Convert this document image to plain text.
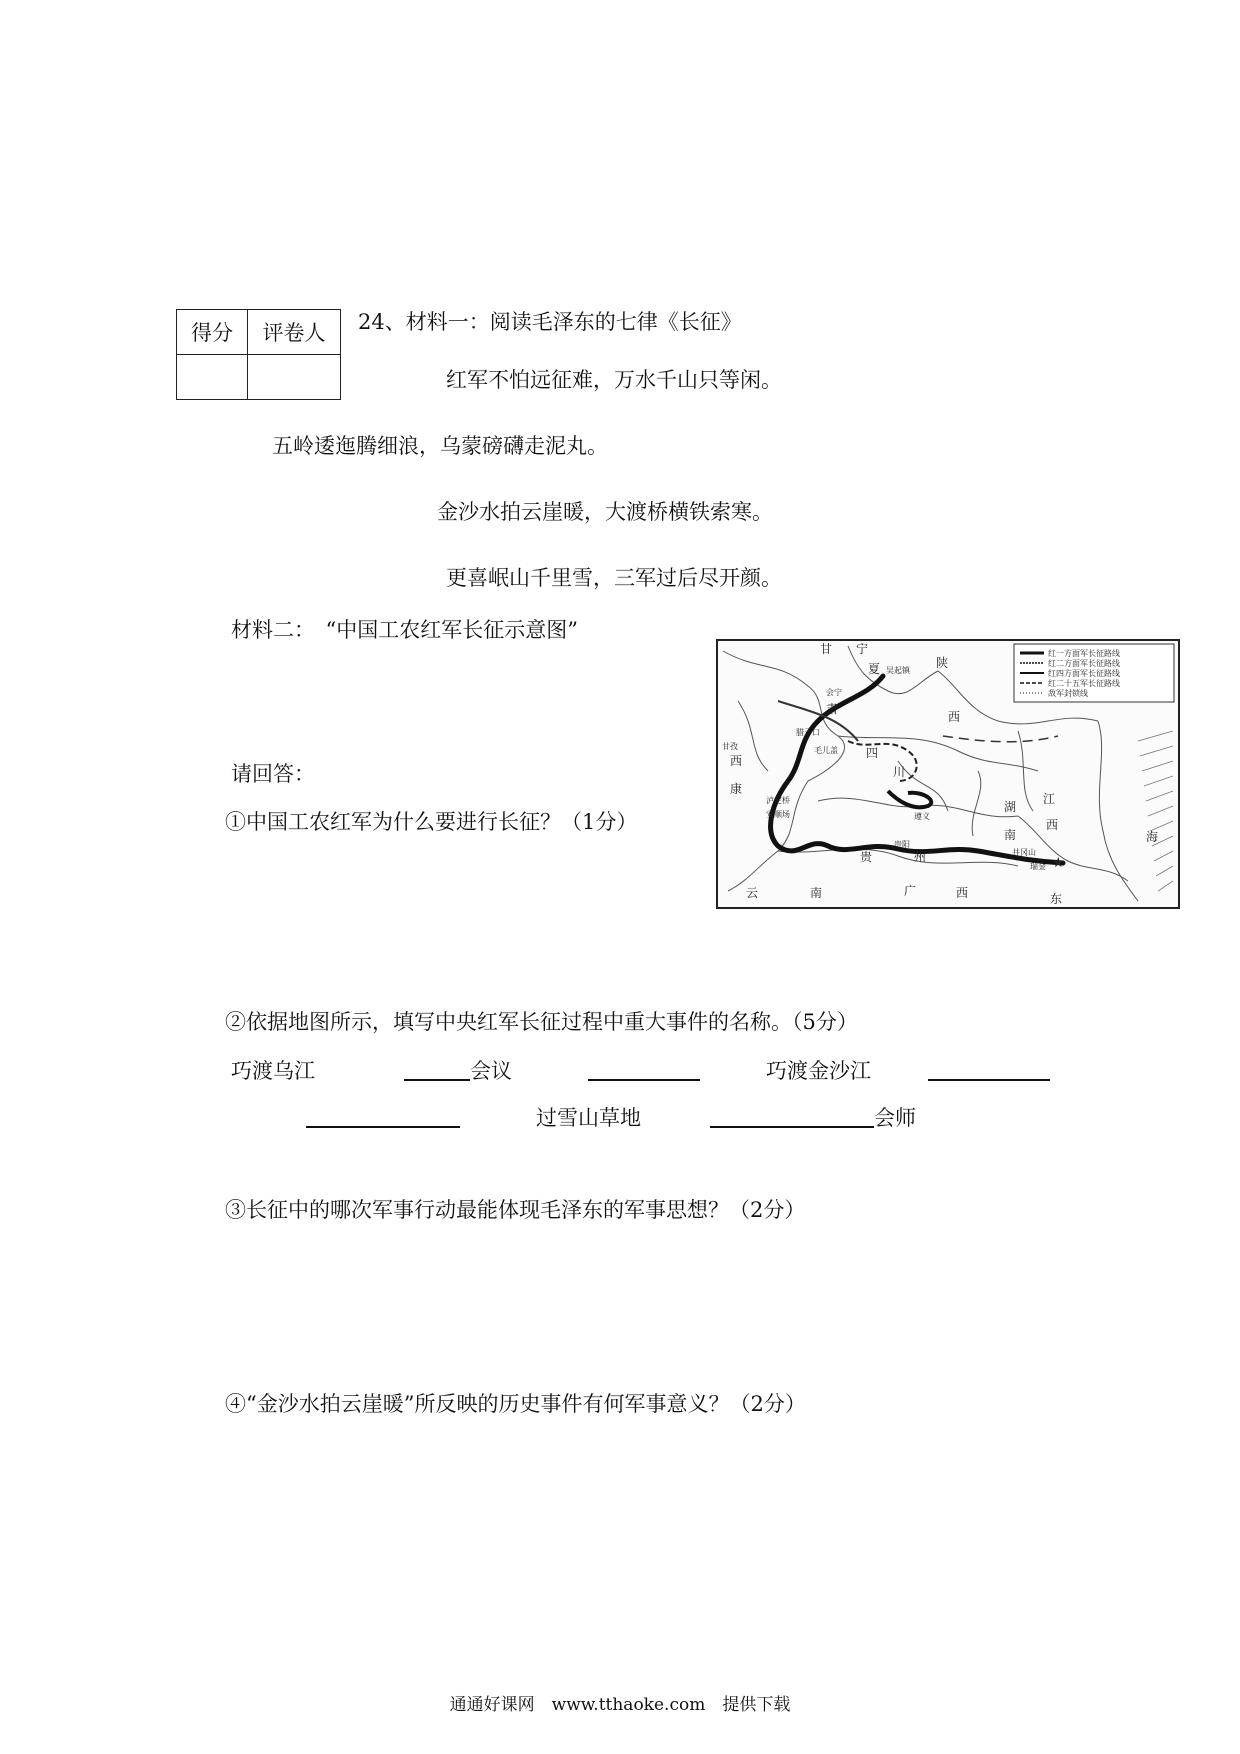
得分	评卷人
	24、材料一：阅读毛泽东的七律《长征》
红军不怕远征难，万水千山只等闲。
五岭逶迤腾细浪，乌蒙磅礴走泥丸。
金沙水拍云崖暖，大渡桥横铁索寒。
更喜岷山千里雪，三军过后尽开颜。
材料二：　“中国工农红军长征示意图”
请回答：
①中国工农红军为什么要进行长征？（1分）
★
红一方面军长征路线
红二方面军长征路线
红四方面军长征路线
红二十五军长征路线
敌军封锁线
甘 宁
夏
肃
陕
西
四
川
湖
南
江
西
贵	州
云	南	广	西
西
康
东
海
吴起镇
会宁
腊子口
毛儿盖
甘孜
泸定桥
安顺场	遵义
贵阳
井冈山
瑞金
②依据地图所示，填写中央红军长征过程中重大事件的名称。（5分）
巧渡乌江	会议	巧渡金沙江
过雪山草地	会师
③长征中的哪次军事行动最能体现毛泽东的军事思想？（2分）
④“金沙水拍云崖暖”所反映的历史事件有何军事意义？（2分）
通通好课网　www.tthaoke.com　提供下载
